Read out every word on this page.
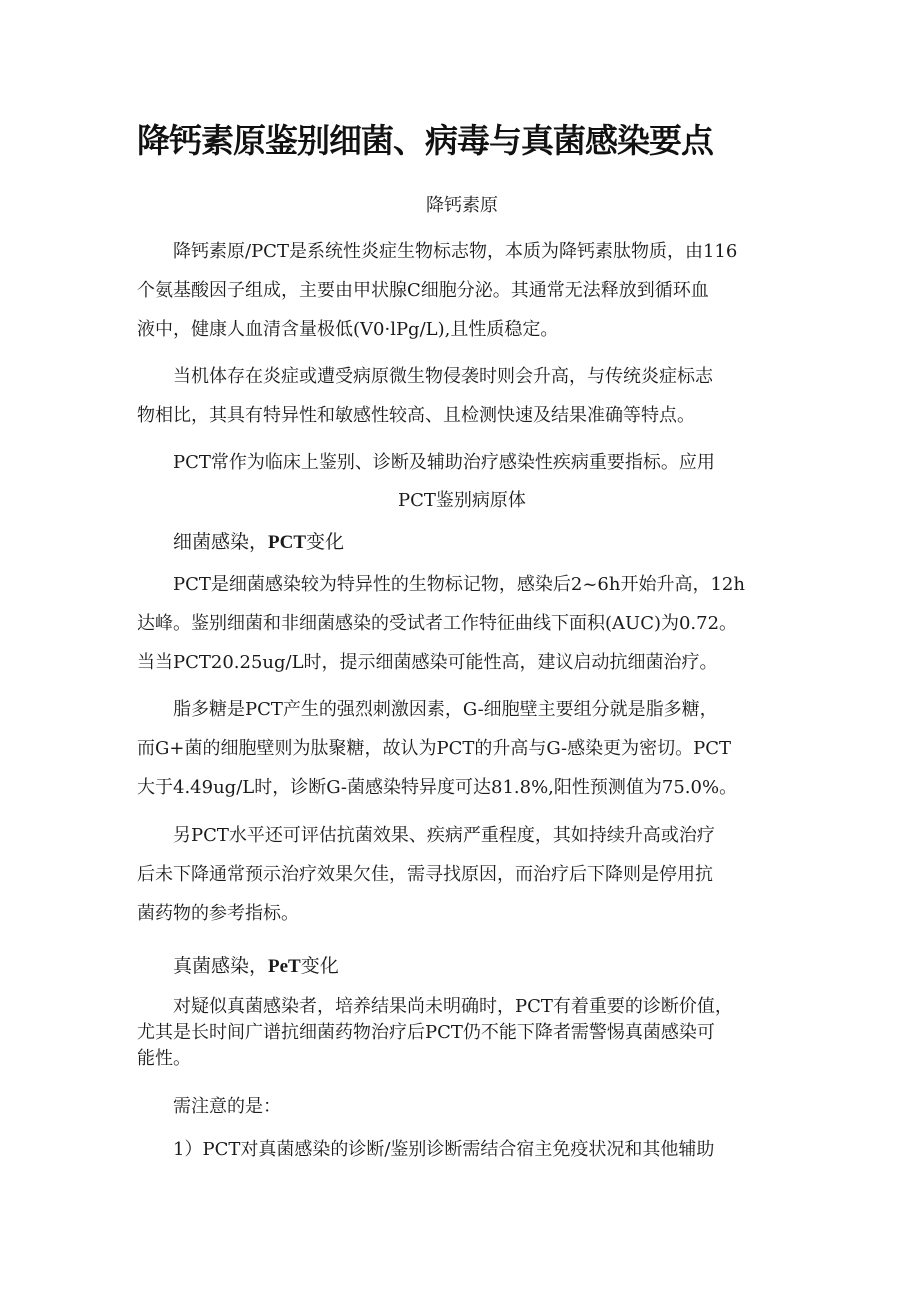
降钙素原鉴别细菌、病毒与真菌感染要点

降钙素原

降钙素原/PCT是系统性炎症生物标志物，本质为降钙素肽物质，由116
个氨基酸因子组成，主要由甲状腺C细胞分泌。其通常无法释放到循环血
液中，健康人血清含量极低(V0·lPg/L),且性质稳定。
当机体存在炎症或遭受病原微生物侵袭时则会升高，与传统炎症标志
物相比，其具有特异性和敏感性较高、且检测快速及结果准确等特点。
PCT常作为临床上鉴别、诊断及辅助治疗感染性疾病重要指标。应用

PCT鉴别病原体

细菌感染，PCT变化

PCT是细菌感染较为特异性的生物标记物，感染后2~6h开始升高，12h
达峰。鉴别细菌和非细菌感染的受试者工作特征曲线下面积(AUC)为0.72。
当当PCT20.25ug/L时，提示细菌感染可能性高，建议启动抗细菌治疗。
脂多糖是PCT产生的强烈刺激因素，G-细胞壁主要组分就是脂多糖，
而G+菌的细胞壁则为肽聚糖，故认为PCT的升高与G-感染更为密切。PCT
大于4.49ug/L时，诊断G-菌感染特异度可达81.8%,阳性预测值为75.0%。
另PCT水平还可评估抗菌效果、疾病严重程度，其如持续升高或治疗
后未下降通常预示治疗效果欠佳，需寻找原因，而治疗后下降则是停用抗
菌药物的参考指标。

真菌感染，PeT变化

对疑似真菌感染者，培养结果尚未明确时，PCT有着重要的诊断价值，
尤其是长时间广谱抗细菌药物治疗后PCT仍不能下降者需警惕真菌感染可
能性。
需注意的是：
1）PCT对真菌感染的诊断/鉴别诊断需结合宿主免疫状况和其他辅助
